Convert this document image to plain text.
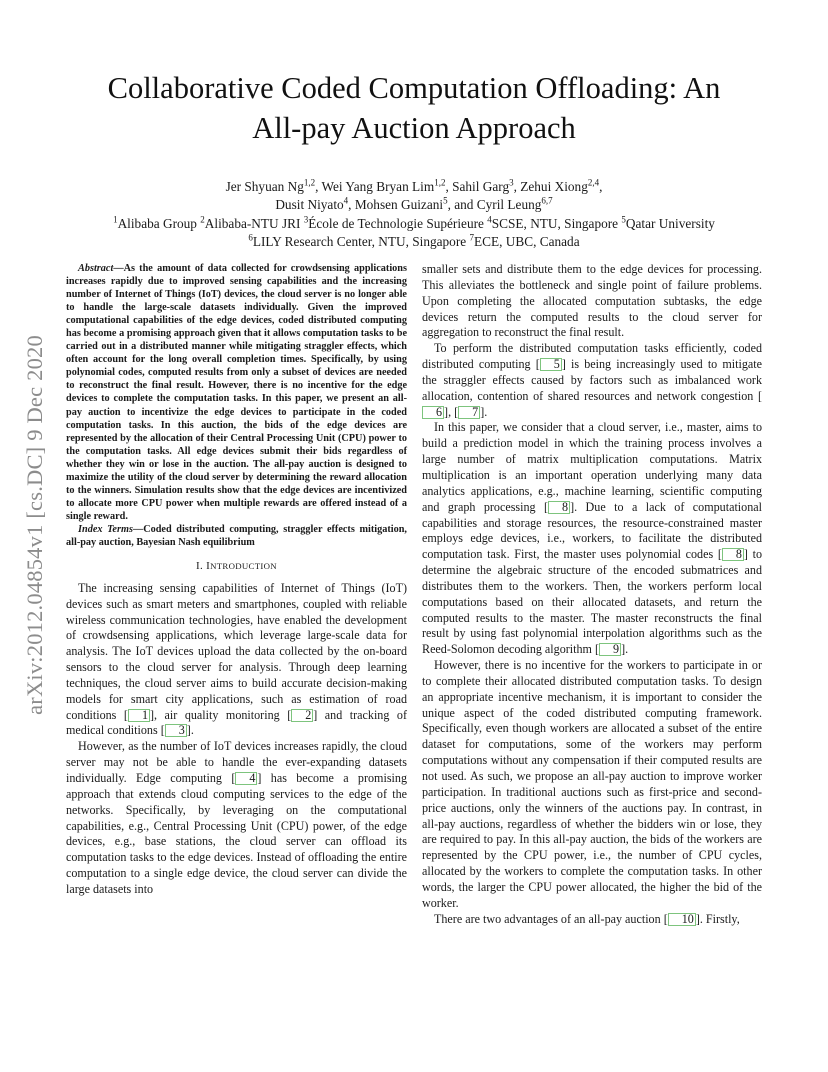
arXiv:2012.04854v1 [cs.DC] 9 Dec 2020
Collaborative Coded Computation Offloading: An
All-pay Auction Approach
Jer Shyuan Ng$^{1,2}$, Wei Yang Bryan Lim$^{1,2}$, Sahil Garg$^3$, Zehui Xiong$^{2,4}$,
Dusit Niyato$^4$, Mohsen Guizani$^5$, and Cyril Leung$^{6,7}$
$^1$Alibaba Group $^2$Alibaba-NTU JRI $^3$École de Technologie Supérieure $^4$SCSE, NTU, Singapore $^5$Qatar University
$^6$LILY Research Center, NTU, Singapore $^7$ECE, UBC, Canada

Abstract—As the amount of data collected for crowdsensing applications increases rapidly due to improved sensing capabilities and the increasing number of Internet of Things (IoT) devices, the cloud server is no longer able to handle the large-scale datasets individually. Given the improved computational capabilities of the edge devices, coded distributed computing has become a promising approach given that it allows computation tasks to be carried out in a distributed manner while mitigating straggler effects, which often account for the long overall completion times. Specifically, by using polynomial codes, computed results from only a subset of devices are needed to reconstruct the final result. However, there is no incentive for the edge devices to complete the computation tasks. In this paper, we present an all-pay auction to incentivize the edge devices to participate in the coded computation tasks. In this auction, the bids of the edge devices are represented by the allocation of their Central Processing Unit (CPU) power to the computation tasks. All edge devices submit their bids regardless of whether they win or lose in the auction. The all-pay auction is designed to maximize the utility of the cloud server by determining the reward allocation to the winners. Simulation results show that the edge devices are incentivized to allocate more CPU power when multiple rewards are offered instead of a single reward.

Index Terms—Coded distributed computing, straggler effects mitigation, all-pay auction, Bayesian Nash equilibrium

I. INTRODUCTION

The increasing sensing capabilities of Internet of Things (IoT) devices such as smart meters and smartphones, coupled with reliable wireless communication technologies, have enabled the development of crowdsensing applications, which leverage large-scale data for analysis. The IoT devices upload the data collected by the on-board sensors to the cloud server for analysis. Through deep learning techniques, the cloud server aims to build accurate decision-making models for smart city applications, such as estimation of road conditions [ 1 ], air quality monitoring [ 2 ] and tracking of medical conditions [ 3 ].

However, as the number of IoT devices increases rapidly, the cloud server may not be able to handle the ever-expanding datasets individually. Edge computing [ 4 ] has become a promising approach that extends cloud computing services to the edge of the networks. Specifically, by leveraging on the computational capabilities, e.g., Central Processing Unit (CPU) power, of the edge devices, e.g., base stations, the cloud server can offload its computation tasks to the edge devices. Instead of offloading the entire computation to a single edge device, the cloud server can divide the large datasets into

smaller sets and distribute them to the edge devices for processing. This alleviates the bottleneck and single point of failure problems. Upon completing the allocated computation subtasks, the edge devices return the computed results to the cloud server for aggregation to reconstruct the final result.

To perform the distributed computation tasks efficiently, coded distributed computing [ 5 ] is being increasingly used to mitigate the straggler effects caused by factors such as imbalanced work allocation, contention of shared resources and network congestion [6 ], [ 7 ].

In this paper, we consider that a cloud server, i.e., master, aims to build a prediction model in which the training process involves a large number of matrix multiplication computations. Matrix multiplication is an important operation underlying many data analytics applications, e.g., machine learning, scientific computing and graph processing [ 8 ]. Due to a lack of computational capabilities and storage resources, the resource-constrained master employs edge devices, i.e., workers, to facilitate the distributed computation task. First, the master uses polynomial codes [ 8 ] to determine the algebraic structure of the encoded submatrices and distributes them to the workers. Then, the workers perform local computations based on their allocated datasets, and return the computed results to the master. The master reconstructs the final result by using fast polynomial interpolation algorithms such as the Reed-Solomon decoding algorithm [ 9 ].

However, there is no incentive for the workers to participate in or to complete their allocated distributed computation tasks. To design an appropriate incentive mechanism, it is important to consider the unique aspect of the coded distributed computing framework. Specifically, even though workers are allocated a subset of the entire dataset for computations, some of the workers may perform computations without any compensation if their computed results are not used. As such, we propose an all-pay auction to improve worker participation. In traditional auctions such as first-price and second-price auctions, only the winners of the auctions pay. In contrast, in all-pay auctions, regardless of whether the bidders win or lose, they are required to pay. In this all-pay auction, the bids of the workers are represented by the CPU power, i.e., the number of CPU cycles, allocated by the workers to complete the computation tasks. In other words, the larger the CPU power allocated, the higher the bid of the worker.

There are two advantages of an all-pay auction [ 10 ]. Firstly,
